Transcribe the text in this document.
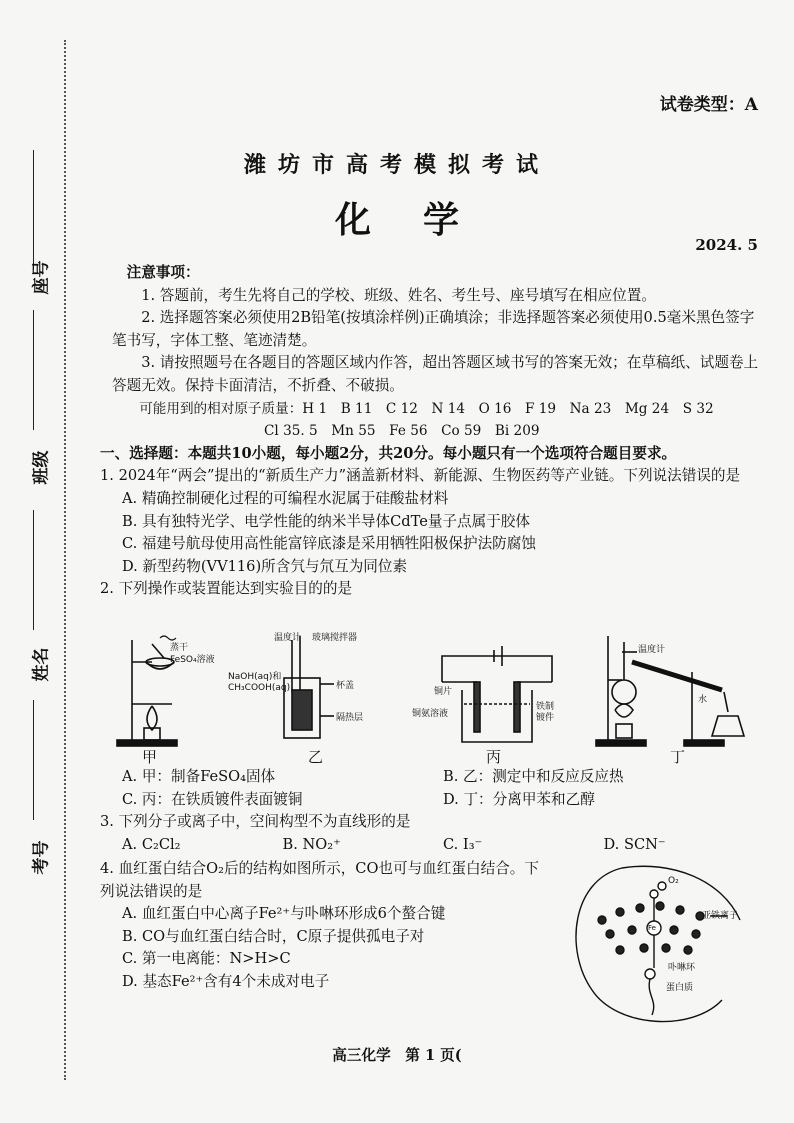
座号
班级
姓名
考号
试卷类型：A
潍坊市高考模拟考试
化学
2024. 5

注意事项：

1. 答题前，考生先将自己的学校、班级、姓名、考生号、座号填写在相应位置。

2. 选择题答案必须使用2B铅笔(按填涂样例)正确填涂；非选择题答案必须使用0.5毫米黑色签字笔书写，字体工整、笔迹清楚。

3. 请按照题号在各题目的答题区域内作答，超出答题区域书写的答案无效；在草稿纸、试题卷上答题无效。保持卡面清洁，不折叠、不破损。

可能用到的相对原子质量：H 1　B 11　C 12　N 14　O 16　F 19　Na 23　Mg 24　S 32

Cl 35. 5　Mn 55　Fe 56　Co 59　Bi 209

一、选择题：本题共10小题，每小题2分，共20分。每小题只有一个选项符合题目要求。

1. 2024年“两会”提出的“新质生产力”涵盖新材料、新能源、生物医药等产业链。下列说法错误的是

A. 精确控制硬化过程的可编程水泥属于硅酸盐材料

B. 具有独特光学、电学性能的纳米半导体CdTe量子点属于胶体

C. 福建号航母使用高性能富锌底漆是采用牺牲阳极保护法防腐蚀

D. 新型药物(VV116)所含氕与氘互为同位素

2. 下列操作或装置能达到实验目的的是

蒸干
FeSO₄溶液
温度计 玻璃搅拌器
NaOH(aq)和
CH₃COOH(aq)	杯盖
隔热层
铜片
铜氨溶液
铁制
镀件
温度计
水
甲	乙	丙	丁
A. 甲：制备FeSO₄固体	B. 乙：测定中和反应反应热
C. 丙：在铁质镀件表面镀铜	D. 丁：分离甲苯和乙醇

3. 下列分子或离子中，空间构型不为直线形的是

A. C₂Cl₂	B. NO₂⁺	C. I₃⁻	D. SCN⁻

4. 血红蛋白结合O₂后的结构如图所示，CO也可与血红蛋白结合。下列说法错误的是

A. 血红蛋白中心离子Fe²⁺与卟啉环形成6个螯合键

B. CO与血红蛋白结合时，C原子提供孤电子对

C. 第一电离能：N>H>C

D. 基态Fe²⁺含有4个未成对电子

O₂
亚铁离子
Fe
卟啉环
蛋白质
高三化学　第 1 页(
